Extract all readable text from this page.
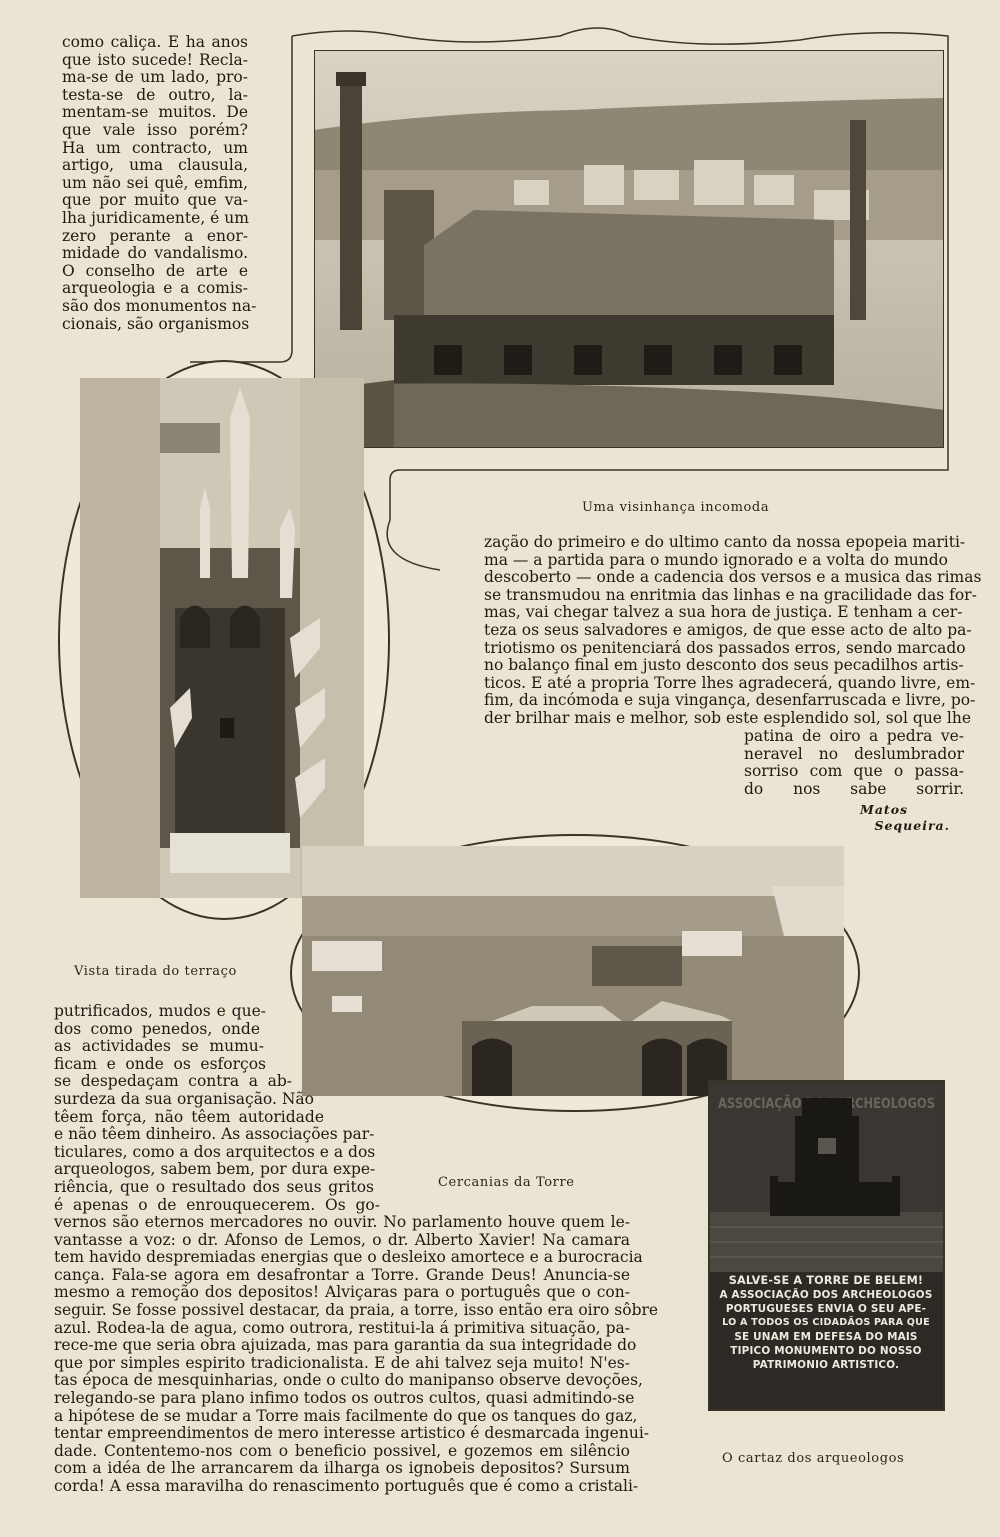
como caliça. E ha anos

que isto sucede! Recla-

ma-se de um lado, pro-

testa-se de outro, la-

mentam-se muitos. De

que vale isso porém?

Ha um contracto, um

artigo, uma clausula,

um não sei quê, emfim,

que por muito que va-

lha juridicamente, é um

zero perante a enor-

midade do vandalismo.

O conselho de arte e

arqueologia e a comis-

são dos monumentos na-

cionais, são organismos

Uma visinhança incomoda
Vista tirada do terraço

zação do primeiro e do ultimo canto da nossa epopeia mariti-

ma — a partida para o mundo ignorado e a volta do mundo

descoberto — onde a cadencia dos versos e a musica das rimas

se transmudou na enritmia das linhas e na gracilidade das for-

mas, vai chegar talvez a sua hora de justiça. E tenham a cer-

teza os seus salvadores e amigos, de que esse acto de alto pa-

triotismo os penitenciará dos passados erros, sendo marcado

no balanço final em justo desconto dos seus pecadilhos artis-

ticos. E até a propria Torre lhes agradecerá, quando livre, em-

fim, da incómoda e suja vingança, desenfarruscada e livre, po-

der brilhar mais e melhor, sob este esplendido sol, sol que lhe

patina de oiro a pedra ve-

neravel no deslumbrador

sorriso com que o passa-

do nos sabe sorrir.

Matos
Sequeira.

putrificados, mudos e que-

dos como penedos, onde

as actividades se mumu-

ficam e onde os esforços

se despedaçam contra a ab-

surdeza da sua organisação. Não

têem força, não têem autoridade

e não têem dinheiro. As associações par-

ticulares, como a dos arquitectos e a dos

arqueologos, sabem bem, por dura expe-

riência, que o resultado dos seus gritos

é apenas o de enrouquecerem. Os go-

Cercanias da Torre

vernos são eternos mercadores no ouvir. No parlamento houve quem le-

vantasse a voz: o dr. Afonso de Lemos, o dr. Alberto Xavier! Na camara

tem havido despremiadas energias que o desleixo amortece e a burocracia

cança. Fala-se agora em desafrontar a Torre. Grande Deus! Anuncia-se

mesmo a remoção dos depositos! Alviçaras para o português que o con-

seguir. Se fosse possivel destacar, da praia, a torre, isso então era oiro sôbre

azul. Rodea-la de agua, como outrora, restitui-la á primitiva situação, pa-

rece-me que seria obra ajuizada, mas para garantia da sua integridade do

que por simples espirito tradicionalista. E de ahi talvez seja muito! N'es-

tas época de mesquinharias, onde o culto do manipanso observe devoções,

relegando-se para plano infimo todos os outros cultos, quasi admitindo-se

a hipótese de se mudar a Torre mais facilmente do que os tanques do gaz,

tentar empreendimentos de mero interesse artistico é desmarcada ingenui-

dade. Contentemo-nos com o beneficio possivel, e gozemos em silêncio

com a idéa de lhe arrancarem da ilharga os ignobeis depositos? Sursum

corda! A essa maravilha do renascimento português que é como a cristali-

SALVE-SE A TORRE DE BELEM!
A ASSOCIAÇÃO DOS ARCHEOLOGOS
PORTUGUESES ENVIA O SEU APE-
LO A TODOS OS CIDADÃOS PARA QUE
SE UNAM EM DEFESA DO MAIS
TIPICO MONUMENTO DO NOSSO
PATRIMONIO ARTISTICO.
O cartaz dos arqueologos
